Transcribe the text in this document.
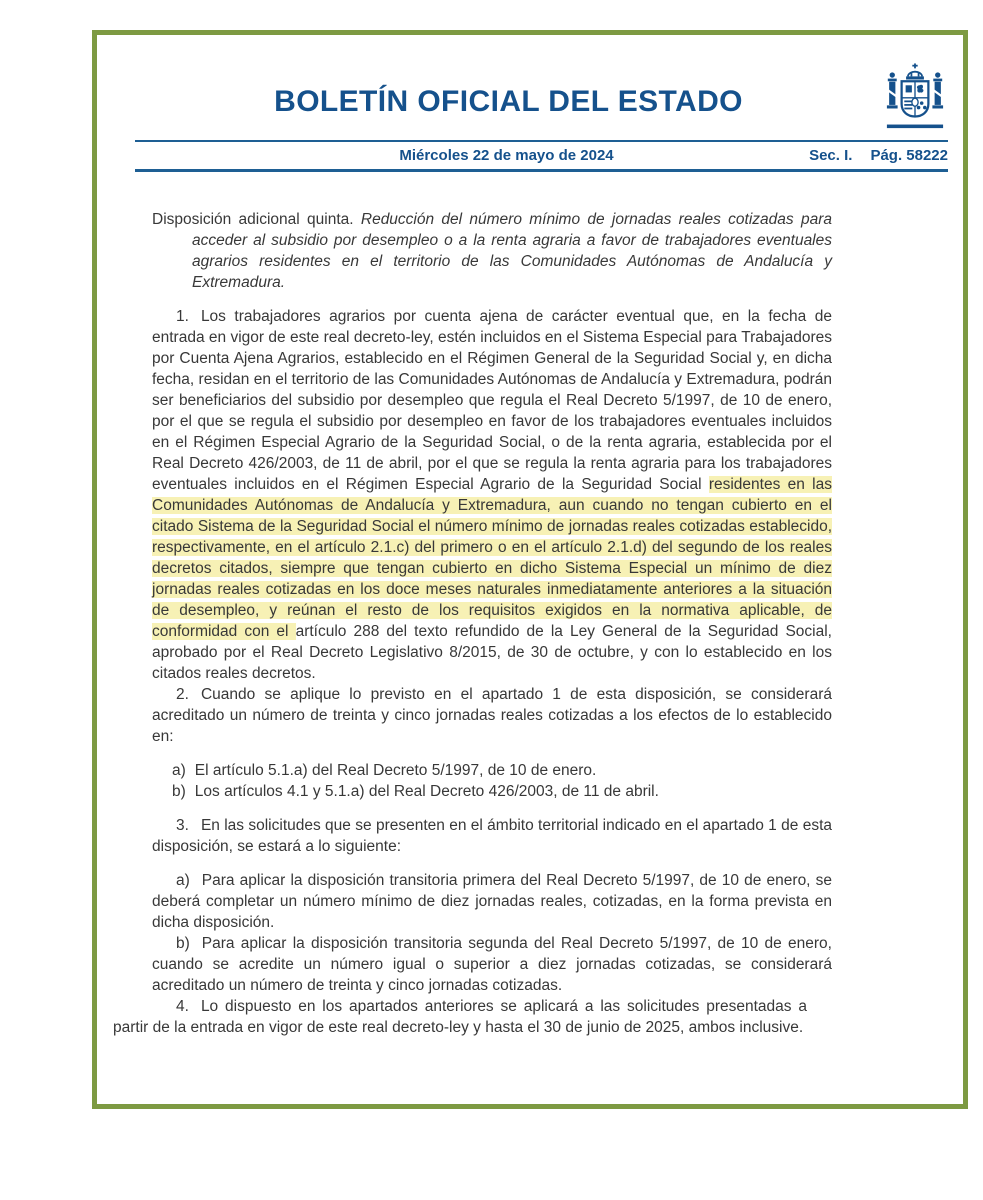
BOLETÍN OFICIAL DEL ESTADO
Miércoles 22 de mayo de 2024	Sec. I. Pág. 58222

Disposición adicional quinta. Reducción del número mínimo de jornadas reales cotizadas para acceder al subsidio por desempleo o a la renta agraria a favor de trabajadores eventuales agrarios residentes en el territorio de las Comunidades Autónomas de Andalucía y Extremadura.

1. Los trabajadores agrarios por cuenta ajena de carácter eventual que, en la fecha de entrada en vigor de este real decreto-ley, estén incluidos en el Sistema Especial para Trabajadores por Cuenta Ajena Agrarios, establecido en el Régimen General de la Seguridad Social y, en dicha fecha, residan en el territorio de las Comunidades Autónomas de Andalucía y Extremadura, podrán ser beneficiarios del subsidio por desempleo que regula el Real Decreto 5/1997, de 10 de enero, por el que se regula el subsidio por desempleo en favor de los trabajadores eventuales incluidos en el Régimen Especial Agrario de la Seguridad Social, o de la renta agraria, establecida por el Real Decreto 426/2003, de 11 de abril, por el que se regula la renta agraria para los trabajadores eventuales incluidos en el Régimen Especial Agrario de la Seguridad Social residentes en las Comunidades Autónomas de Andalucía y Extremadura, aun cuando no tengan cubierto en el citado Sistema de la Seguridad Social el número mínimo de jornadas reales cotizadas establecido, respectivamente, en el artículo 2.1.c) del primero o en el artículo 2.1.d) del segundo de los reales decretos citados, siempre que tengan cubierto en dicho Sistema Especial un mínimo de diez jornadas reales cotizadas en los doce meses naturales inmediatamente anteriores a la situación de desempleo, y reúnan el resto de los requisitos exigidos en la normativa aplicable, de conformidad con el artículo 288 del texto refundido de la Ley General de la Seguridad Social, aprobado por el Real Decreto Legislativo 8/2015, de 30 de octubre, y con lo establecido en los citados reales decretos.

2. Cuando se aplique lo previsto en el apartado 1 de esta disposición, se considerará acreditado un número de treinta y cinco jornadas reales cotizadas a los efectos de lo establecido en:

a) El artículo 5.1.a) del Real Decreto 5/1997, de 10 de enero.

b) Los artículos 4.1 y 5.1.a) del Real Decreto 426/2003, de 11 de abril.

3. En las solicitudes que se presenten en el ámbito territorial indicado en el apartado 1 de esta disposición, se estará a lo siguiente:

a) Para aplicar la disposición transitoria primera del Real Decreto 5/1997, de 10 de enero, se deberá completar un número mínimo de diez jornadas reales, cotizadas, en la forma prevista en dicha disposición.

b) Para aplicar la disposición transitoria segunda del Real Decreto 5/1997, de 10 de enero, cuando se acredite un número igual o superior a diez jornadas cotizadas, se considerará acreditado un número de treinta y cinco jornadas cotizadas.

4. Lo dispuesto en los apartados anteriores se aplicará a las solicitudes presentadas a partir de la entrada en vigor de este real decreto-ley y hasta el 30 de junio de 2025, ambos inclusive.
